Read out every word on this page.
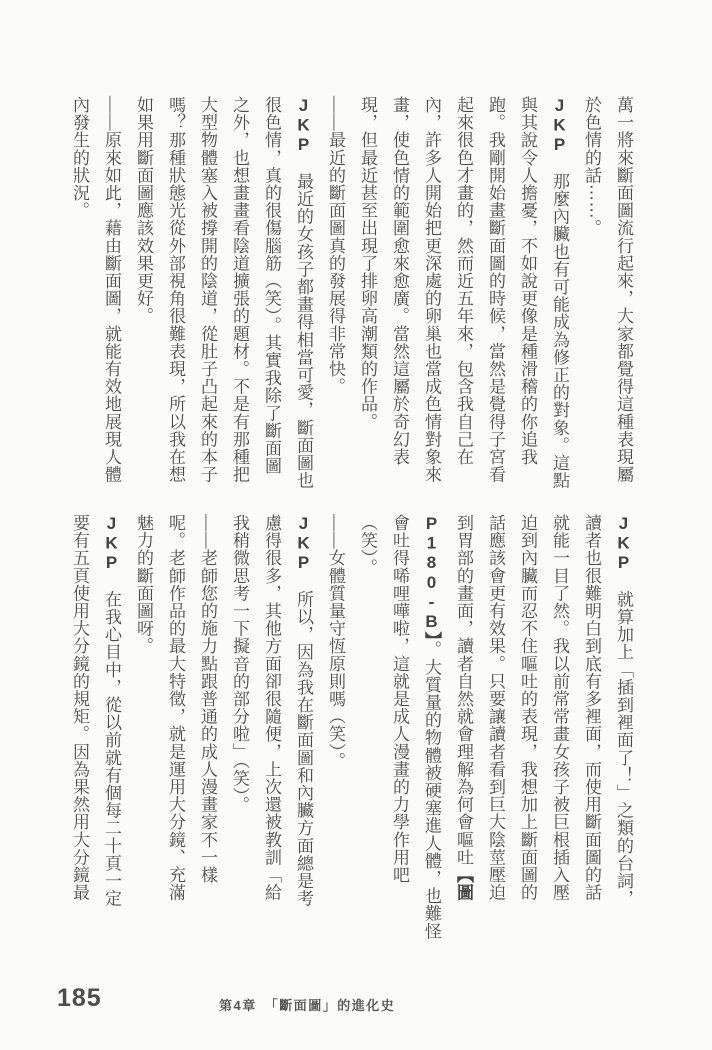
萬一將來斷面圖流行起來，大家都覺得這種表現屬
於色情的話⋯⋯。
JKP　那麼內臟也有可能成為修正的對象。這點
與其說令人擔憂，不如說更像是種滑稽的你追我
跑。我剛開始畫斷面圖的時候，當然是覺得子宮看
起來很色才畫的，然而近五年來，包含我自己在
內，許多人開始把更深處的卵巢也當成色情對象來
畫，使色情的範圍愈來愈廣。當然這屬於奇幻表
現，但最近甚至出現了排卵高潮類的作品。
——最近的斷面圖真的發展得非常快。
JKP　最近的女孩子都畫得相當可愛，斷面圖也
很色情，真的很傷腦筋（笑）。其實我除了斷面圖
之外，也想畫畫看陰道擴張的題材。不是有那種把
大型物體塞入被撐開的陰道，從肚子凸起來的本子
嗎？那種狀態光從外部視角很難表現，所以我在想
如果用斷面圖應該效果更好。
——原來如此，藉由斷面圖，就能有效地展現人體
內發生的狀況。
JKP　就算加上「插到裡面了！」之類的台詞，
讀者也很難明白到底有多裡面，而使用斷面圖的話
就能一目了然。我以前常常畫女孩子被巨根插入壓
迫到內臟而忍不住嘔吐的表現，我想加上斷面圖的
話應該會更有效果。只要讓讀者看到巨大陰莖壓迫
到胃部的畫面，讀者自然就會理解為何會嘔吐【圖
P180-B】。大質量的物體被硬塞進人體，也難怪
會吐得唏哩嘩啦，這就是成人漫畫的力學作用吧
（笑）。
——女體質量守恆原則嗎（笑）。
JKP　所以，因為我在斷面圖和內臟方面總是考
慮得很多，其他方面卻很隨便，上次還被教訓「給
我稍微思考一下擬音的部分啦」（笑）。
——老師您的施力點跟普通的成人漫畫家不一樣
呢。老師作品的最大特徵，就是運用大分鏡、充滿
魅力的斷面圖呀。
JKP　在我心目中，從以前就有個每二十頁一定
要有五頁使用大分鏡的規矩。因為果然用大分鏡最
185	第4章　「斷面圖」的進化史
